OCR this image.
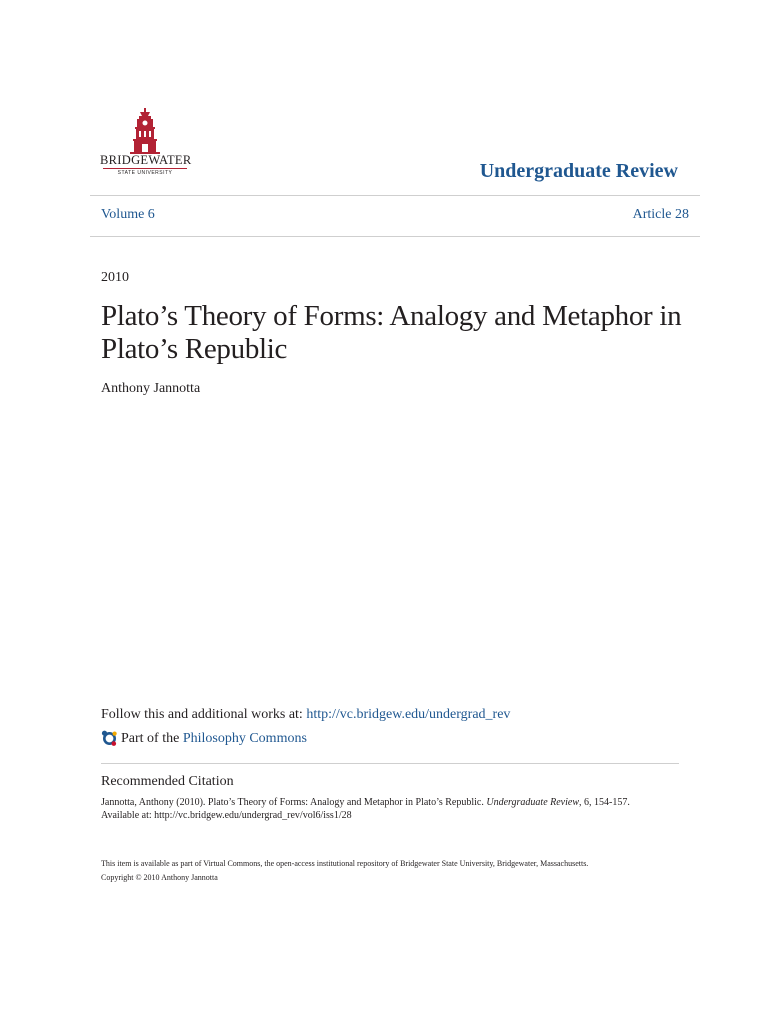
BRIDGEWATER
STATE UNIVERSITY	Undergraduate Review
Volume 6	Article 28
2010
Plato’s Theory of Forms: Analogy and Metaphor in Plato’s Republic
Anthony Jannotta
Follow this and additional works at: http://vc.bridgew.edu/undergrad_rev
Part of the
Philosophy Commons
Recommended Citation
Jannotta, Anthony (2010). Plato’s Theory of Forms: Analogy and Metaphor in Plato’s Republic. Undergraduate Review, 6, 154-157.
Available at: http://vc.bridgew.edu/undergrad_rev/vol6/iss1/28
This item is available as part of Virtual Commons, the open-access institutional repository of Bridgewater State University, Bridgewater, Massachusetts.
Copyright © 2010 Anthony Jannotta
